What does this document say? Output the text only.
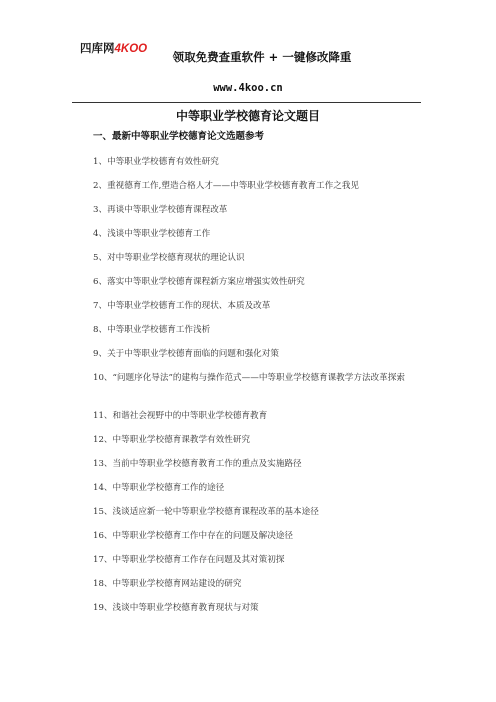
四库网4KOO
领取免费查重软件 + 一键修改降重
www.4koo.cn
中等职业学校德育论文题目
一、最新中等职业学校德育论文选题参考
1、中等职业学校德育有效性研究
2、重视德育工作,塑造合格人才——中等职业学校德育教育工作之我见
3、再谈中等职业学校德育课程改革
4、浅谈中等职业学校德育工作
5、对中等职业学校德育现状的理论认识
6、落实中等职业学校德育课程新方案应增强实效性研究
7、中等职业学校德育工作的现状、本质及改革
8、中等职业学校德育工作浅析
9、关于中等职业学校德育面临的问题和强化对策
10、“问题序化导法”的建构与操作范式——中等职业学校德育课教学方法改革探索
11、和谐社会视野中的中等职业学校德育教育
12、中等职业学校德育课教学有效性研究
13、当前中等职业学校德育教育工作的重点及实施路径
14、中等职业学校德育工作的途径
15、浅谈适应新一轮中等职业学校德育课程改革的基本途径
16、中等职业学校德育工作中存在的问题及解决途径
17、中等职业学校德育工作存在问题及其对策初探
18、中等职业学校德育网站建设的研究
19、浅谈中等职业学校德育教育现状与对策
